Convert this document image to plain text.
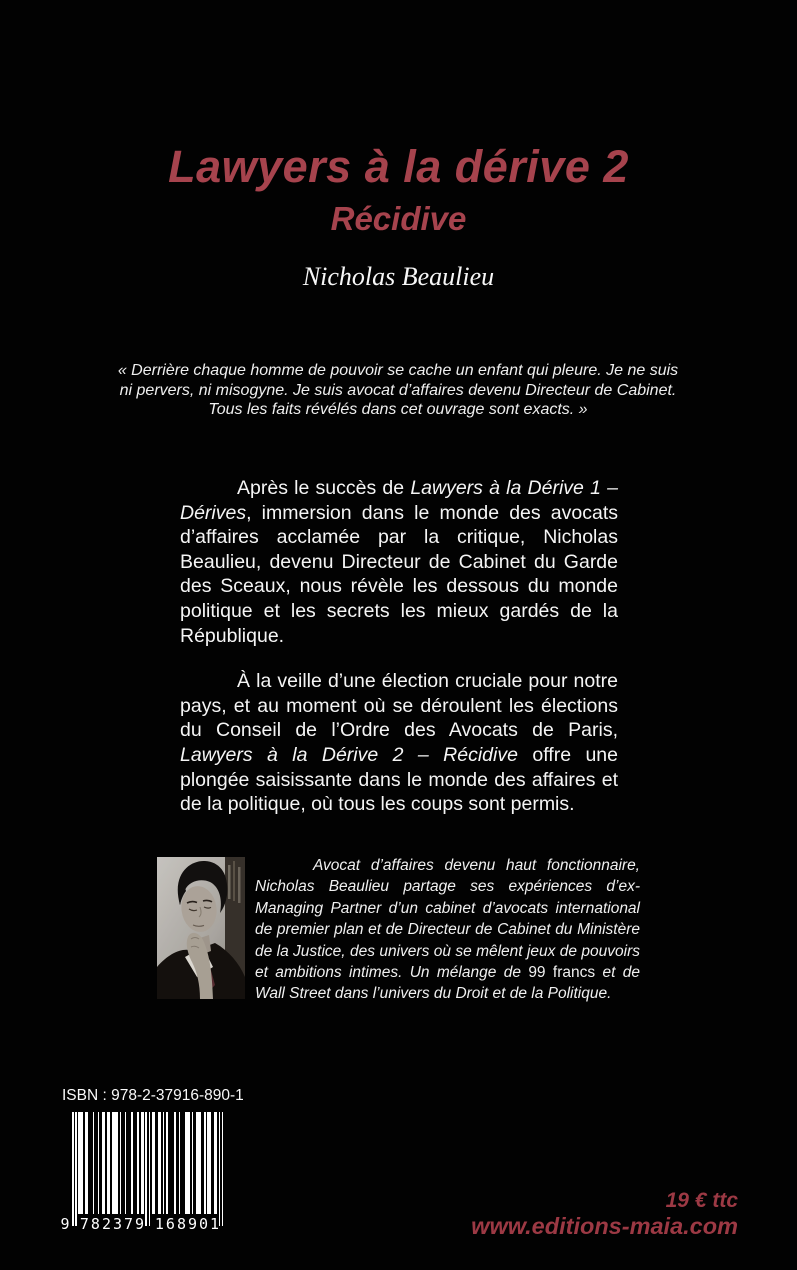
Lawyers à la dérive 2
Récidive
Nicholas Beaulieu
« Derrière chaque homme de pouvoir se cache un enfant qui pleure. Je ne suis
ni pervers, ni misogyne. Je suis avocat d’affaires devenu Directeur de Cabinet.
Tous les faits révélés dans cet ouvrage sont exacts. »

Après le succès de Lawyers à la Dérive 1 – Dérives, immersion dans le monde des avocats d’affaires acclamée par la critique, Nicholas Beaulieu, devenu Directeur de Cabinet du Garde des Sceaux, nous révèle les dessous du monde politique et les secrets les mieux gardés de la République.

À la veille d’une élection cruciale pour notre pays, et au moment où se déroulent les élections du Conseil de l’Ordre des Avocats de Paris, Lawyers à la Dérive 2 – Récidive offre une plongée saisissante dans le monde des affaires et de la politique, où tous les coups sont permis.

Avocat d’affaires devenu haut fonctionnaire, Nicholas Beaulieu partage ses expériences d’ex-Managing Partner d’un cabinet d’avocats international de premier plan et de Directeur de Cabinet du Ministère de la Justice, des univers où se mêlent jeux de pouvoirs et ambitions intimes. Un mélange de 99 francs et de Wall Street dans l’univers du Droit et de la Politique.

ISBN : 978-2-37916-890-1
9 782379 168901
19 € ttc
www.editions-maia.com
